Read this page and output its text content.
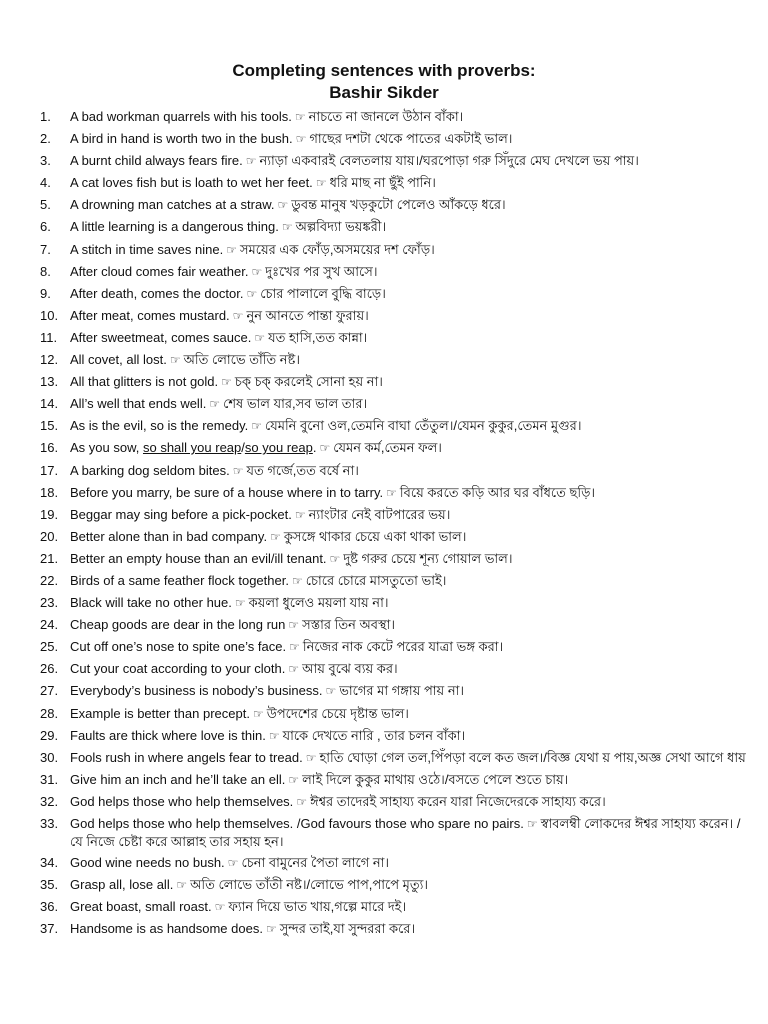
Completing sentences with proverbs:
Bashir Sikder
1.	A bad workman quarrels with his tools. ☞ নাচতে না জানলে উঠান বাঁকা।
2.	A bird in hand is worth two in the bush. ☞ গাছের দশটা থেকে পাতের একটাই ভাল।
3.	A burnt child always fears fire. ☞ ন্যাড়া একবারই বেলতলায় যায়।/ঘরপোড়া গরু সিঁদুরে মেঘ দেখলে ভয় পায়।
4.	A cat loves fish but is loath to wet her feet. ☞ ধরি মাছ না ছুঁই পানি।
5.	A drowning man catches at a straw. ☞ ডুবন্ত মানুষ খড়কুটো পেলেও আঁকড়ে ধরে।
6.	A little learning is a dangerous thing. ☞ অল্পবিদ্যা ভয়ঙ্করী।
7.	A stitch in time saves nine. ☞ সময়ের এক ফোঁড়,অসময়ের দশ ফোঁড়।
8.	After cloud comes fair weather. ☞ দুঃখের পর সুখ আসে।
9.	After death, comes the doctor. ☞ চোর পালালে বুদ্ধি বাড়ে।
10. After meat, comes mustard. ☞ নুন আনতে পান্তা ফুরায়।
11. After sweetmeat, comes sauce. ☞ যত হাসি,তত কান্না।
12. All covet, all lost. ☞ অতি লোভে তাঁতি নষ্ট।
13. All that glitters is not gold. ☞ চক্‌ চক্‌ করলেই সোনা হয় না।
14. All’s well that ends well. ☞ শেষ ভাল যার,সব ভাল তার।
15. As is the evil, so is the remedy. ☞ যেমনি বুনো ওল,তেমনি বাঘা তেঁতুল।/যেমন কুকুর,তেমন মুগুর।
16. As you sow, so shall you reap/so you reap. ☞ যেমন কর্ম,তেমন ফল।
17. A barking dog seldom bites. ☞ যত গর্জে,তত বর্ষে না।
18. Before you marry, be sure of a house where in to tarry. ☞ বিয়ে করতে কড়ি আর ঘর বাঁধতে ছড়ি।
19. Beggar may sing before a pick-pocket. ☞ ন্যাংটার নেই বাটপারের ভয়।
20. Better alone than in bad company. ☞ কুসঙ্গে থাকার চেয়ে একা থাকা ভাল।
21. Better an empty house than an evil/ill tenant. ☞ দুষ্ট গরুর চেয়ে শূন্য গোয়াল ভাল।
22. Birds of a same feather flock together. ☞ চোরে চোরে মাসতুতো ভাই।
23. Black will take no other hue. ☞ কয়লা ধুলেও ময়লা যায় না।
24. Cheap goods are dear in the long run ☞ সস্তার তিন অবস্থা।
25. Cut off one’s nose to spite one’s face. ☞ নিজের নাক কেটে পরের যাত্রা ভঙ্গ করা।
26. Cut your coat according to your cloth. ☞ আয় বুঝে ব্যয় কর।
27. Everybody’s business is nobody’s business. ☞ ভাগের মা গঙ্গায় পায় না।
28. Example is better than precept. ☞ উপদেশের চেয়ে দৃষ্টান্ত ভাল।
29. Faults are thick where love is thin. ☞ যাকে দেখতে নারি , তার চলন বাঁকা।
30. Fools rush in where angels fear to tread. ☞ হাতি ঘোড়া গেল তল,পিঁপড়া বলে কত জল।/বিজ্ঞ যেথা য় পায়,অজ্ঞ সেথা আগে ধায়
31. Give him an inch and he’ll take an ell. ☞ লাই দিলে কুকুর মাথায় ওঠে।/বসতে পেলে শুতে চায়।
32. God helps those who help themselves. ☞ ঈশ্বর তাদেরই সাহায্য করেন যারা নিজেদেরকে সাহায্য করে।
33. God helps those who help themselves. /God favours those who spare no pairs. ☞ স্বাবলম্বী লোকদের ঈশ্বর সাহায্য করেন। /যে নিজে চেষ্টা করে আল্লাহ তার সহায় হন।
34. Good wine needs no bush. ☞ চেনা বামুনের পৈতা লাগে না।
35. Grasp all, lose all. ☞ অতি লোভে তাঁতী নষ্ট।/লোভে পাপ,পাপে মৃত্যু।
36. Great boast, small roast. ☞ ফ্যান দিয়ে ভাত খায়,গল্পে মারে দই।
37. Handsome is as handsome does. ☞ সুন্দর তাই,যা সুন্দররা করে।
